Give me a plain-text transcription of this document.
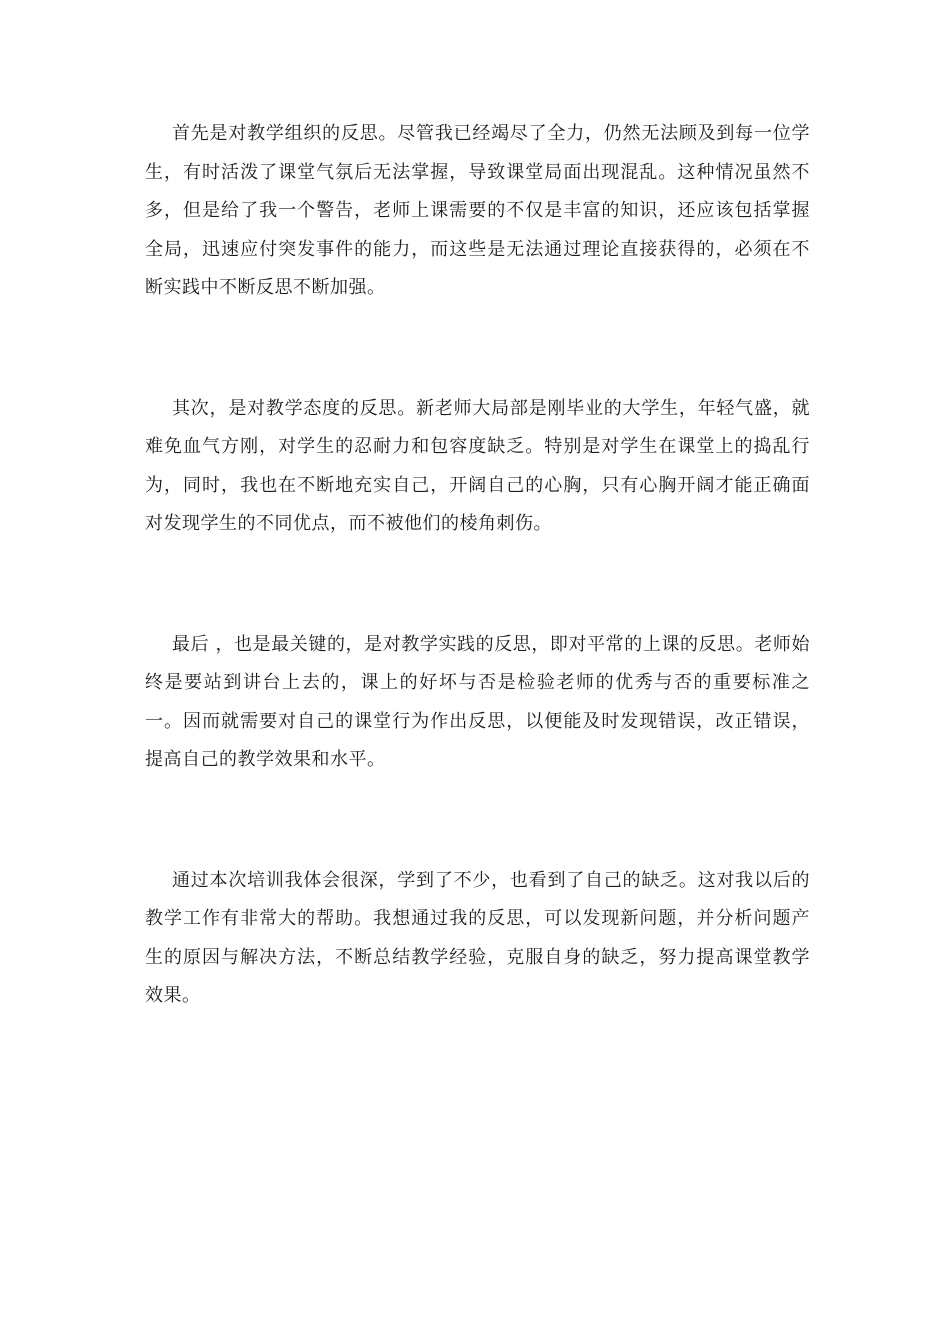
首先是对教学组织的反思。尽管我已经竭尽了全力，仍然无法顾及到每一位学生，有时活泼了课堂气氛后无法掌握，导致课堂局面出现混乱。这种情况虽然不多，但是给了我一个警告，老师上课需要的不仅是丰富的知识，还应该包括掌握全局，迅速应付突发事件的能力，而这些是无法通过理论直接获得的，必须在不断实践中不断反思不断加强。

其次，是对教学态度的反思。新老师大局部是刚毕业的大学生，年轻气盛，就难免血气方刚，对学生的忍耐力和包容度缺乏。特别是对学生在课堂上的捣乱行为，同时，我也在不断地充实自己，开阔自己的心胸，只有心胸开阔才能正确面对发现学生的不同优点，而不被他们的棱角刺伤。

最后 ，也是最关键的，是对教学实践的反思，即对平常的上课的反思。老师始终是要站到讲台上去的，课上的好坏与否是检验老师的优秀与否的重要标准之一。因而就需要对自己的课堂行为作出反思，以便能及时发现错误，改正错误，提高自己的教学效果和水平。

通过本次培训我体会很深，学到了不少，也看到了自己的缺乏。这对我以后的教学工作有非常大的帮助。我想通过我的反思，可以发现新问题，并分析问题产生的原因与解决方法，不断总结教学经验，克服自身的缺乏，努力提高课堂教学效果。
